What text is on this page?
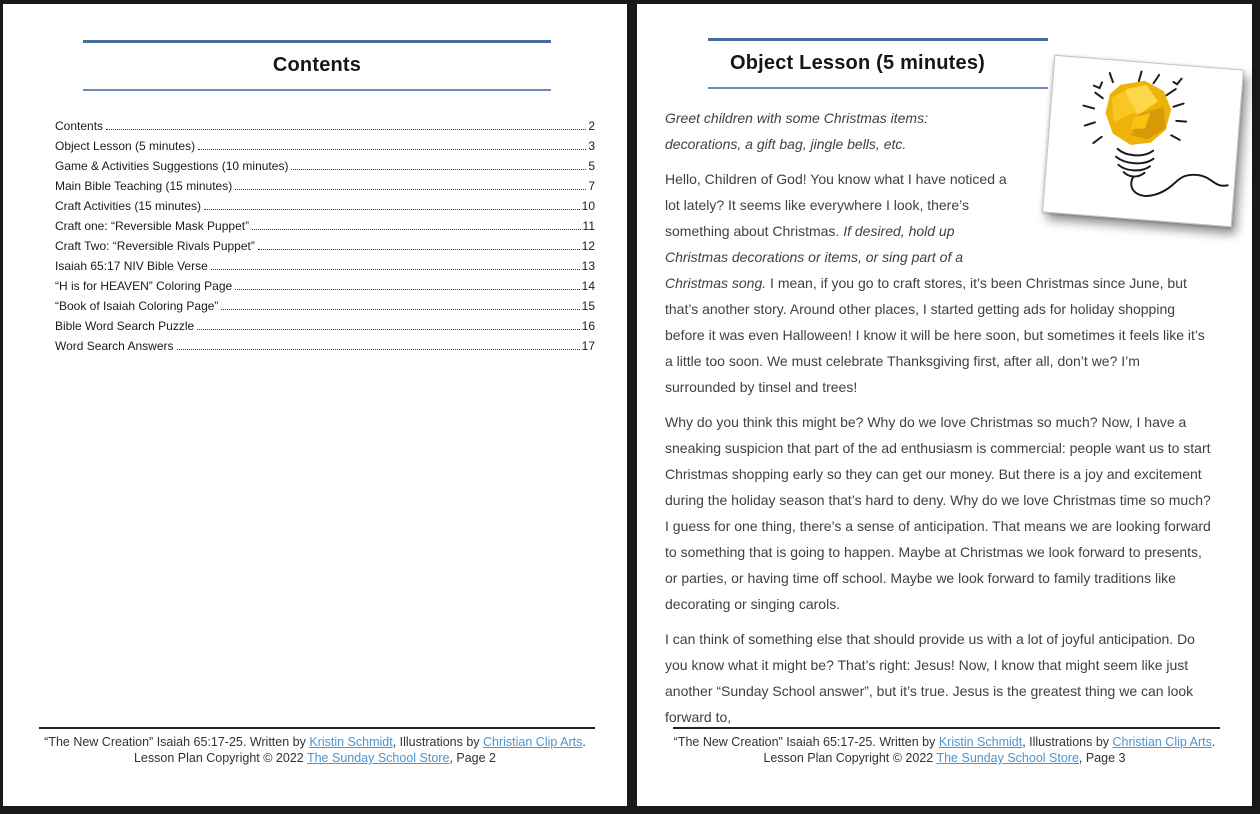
Contents
Contents	2
Object Lesson (5 minutes)	3
Game & Activities Suggestions (10 minutes)	5
Main Bible Teaching (15 minutes)	7
Craft Activities (15 minutes)	10
Craft one: “Reversible Mask Puppet”	11
Craft Two: “Reversible Rivals Puppet”	12
Isaiah 65:17 NIV Bible Verse	13
“H is for HEAVEN” Coloring Page	14
“Book of Isaiah Coloring Page”	15
Bible Word Search Puzzle	16
Word Search Answers	17
“The New Creation” Isaiah 65:17-25. Written by Kristin Schmidt, Illustrations by Christian Clip Arts.
Lesson Plan Copyright © 2022 The Sunday School Store, Page 2
Object Lesson (5 minutes)

Greet children with some Christmas items: decorations, a gift bag, jingle bells, etc.

Hello, Children of God! You know what I have noticed a lot lately? It seems like everywhere I look, there’s something about Christmas. If desired, hold up Christmas decorations or items, or sing part of a Christmas song. I mean, if you go to craft stores, it’s been Christmas since June, but that’s another story. Around other places, I started getting ads for holiday shopping before it was even Halloween! I know it will be here soon, but sometimes it feels like it’s a little too soon. We must celebrate Thanksgiving first, after all, don’t we? I’m surrounded by tinsel and trees!

Why do you think this might be? Why do we love Christmas so much? Now, I have a sneaking suspicion that part of the ad enthusiasm is commercial: people want us to start Christmas shopping early so they can get our money. But there is a joy and excitement during the holiday season that’s hard to deny. Why do we love Christmas time so much? I guess for one thing, there’s a sense of anticipation. That means we are looking forward to something that is going to happen. Maybe at Christmas we look forward to presents, or parties, or having time off school. Maybe we look forward to family traditions like decorating or singing carols.

I can think of something else that should provide us with a lot of joyful anticipation. Do you know what it might be? That’s right: Jesus! Now, I know that might seem like just another “Sunday School answer”, but it’s true. Jesus is the greatest thing we can look forward to,

“The New Creation” Isaiah 65:17-25. Written by Kristin Schmidt, Illustrations by Christian Clip Arts.
Lesson Plan Copyright © 2022 The Sunday School Store, Page 3
